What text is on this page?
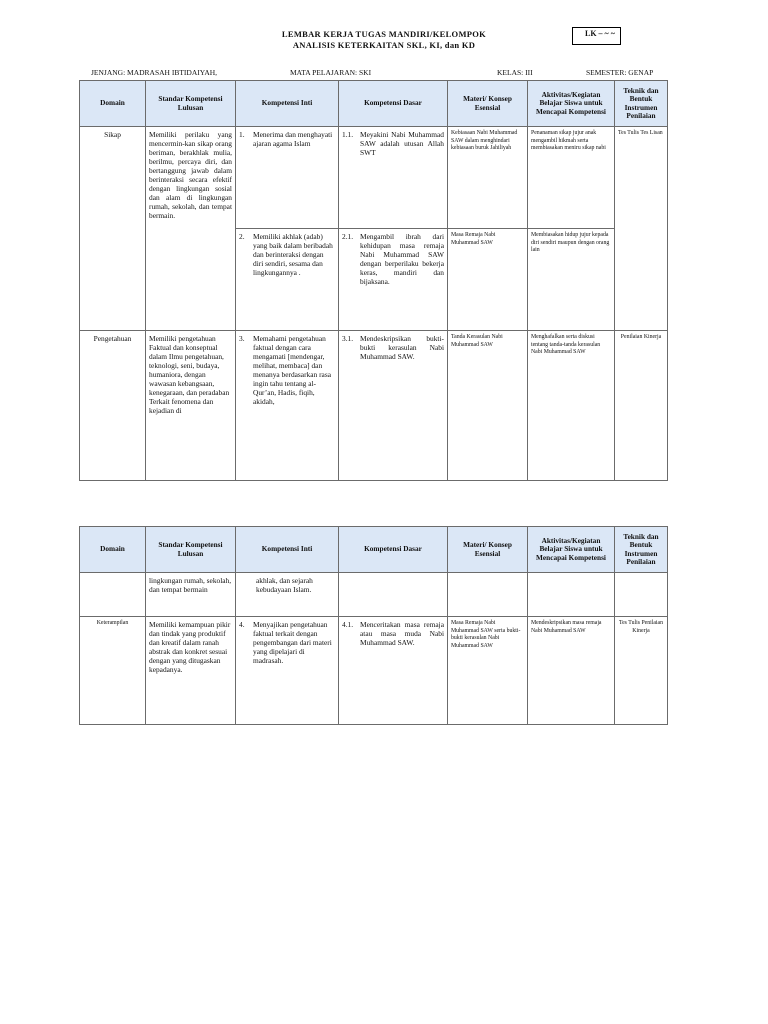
LEMBAR KERJA TUGAS MANDIRI/KELOMPOK
ANALISIS KETERKAITAN SKL, KI, dan KD
LK – ~ ~
JENJANG: MADRASAH IBTIDAIYAH,	MATA PELAJARAN: SKI	KELAS: III	SEMESTER: GENAP
Domain	Standar Kompetensi Lulusan	Kompetensi Inti	Kompetensi Dasar	Materi/ Konsep Esensial	Aktivitas/Kegiatan Belajar Siswa untuk Mencapai Kompetensi	Teknik dan Bentuk Instrumen Penilaian
Sikap	Memiliki perilaku yang mencermin-kan sikap orang beriman, berakhlak mulia, berilmu, percaya diri, dan bertanggung jawab dalam berinteraksi secara efektif dengan lingkungan sosial dan alam di lingkungan rumah, sekolah, dan tempat bermain.	1. Menerima dan menghayati ajaran agama Islam	1.1. Meyakini Nabi Muhammad SAW adalah utusan Allah SWT	Kebiasaan Nabi Muhammad SAW dalam menghindari kebiasaan buruk Jahiliyah	Penanaman sikap jujur anak mengambil hikmah serta membiasakan meniru sikap nabi	Tes Tulis Tes Lisan

		2. Memiliki akhlak (adab) yang baik dalam beribadah dan berinteraksi dengan diri sendiri, sesama dan lingkungannya .	2.1. Mengambil ibrah dari kehidupan masa remaja Nabi Muhammad SAW dengan berperilaku bekerja keras, mandiri dan bijaksana.	Masa Remaja Nabi Muhammad SAW	Membiasakan hidup jujur kepada diri sendiri maupun dengan orang lain	
Pengetahuan	Memiliki pengetahuan Faktual dan konseptual dalam Ilmu pengetahuan, teknologi, seni, budaya, humaniora, dengan wawasan kebangsaan, kenegaraan, dan peradaban Terkait fenomena dan kejadian di	3. Memahami pengetahuan faktual dengan cara mengamati [mendengar, melihat, membaca] dan menanya berdasarkan rasa ingin tahu tentang al-Qur’an, Hadis, fiqih, akidah,	3.1. Mendeskripsikan bukti-bukti kerasulan Nabi Muhammad SAW.	Tanda Kerasulan Nabi Muhammad SAW	Menghafalkan serta diskusi tentang tanda-tanda kerasulan Nabi Muhammad SAW	Penilaian Kinerja
Domain	Standar Kompetensi Lulusan	Kompetensi Inti	Kompetensi Dasar	Materi/ Konsep Esensial	Aktivitas/Kegiatan Belajar Siswa untuk Mencapai Kompetensi	Teknik dan Bentuk Instrumen Penilaian
	lingkungan rumah, sekolah, dan tempat bermain	akhlak, dan sejarah kebudayaan Islam.				
Keterampilan	Memiliki kemampuan pikir dan tindak yang produktif dan kreatif dalam ranah abstrak dan konkret sesuai dengan yang ditugaskan kepadanya.	4. Menyajikan pengetahuan faktual terkait dengan pengembangan dari materi yang dipelajari di madrasah.	4.1. Menceritakan masa remaja atau masa muda Nabi Muhammad SAW.	Masa Remaja Nabi Muhammad SAW serta bukti-bukti kerasulan Nabi Muhammad SAW	Mendeskripsikan masa remaja Nabi Muhammad SAW	Tes Tulis Penilaian Kinerja
